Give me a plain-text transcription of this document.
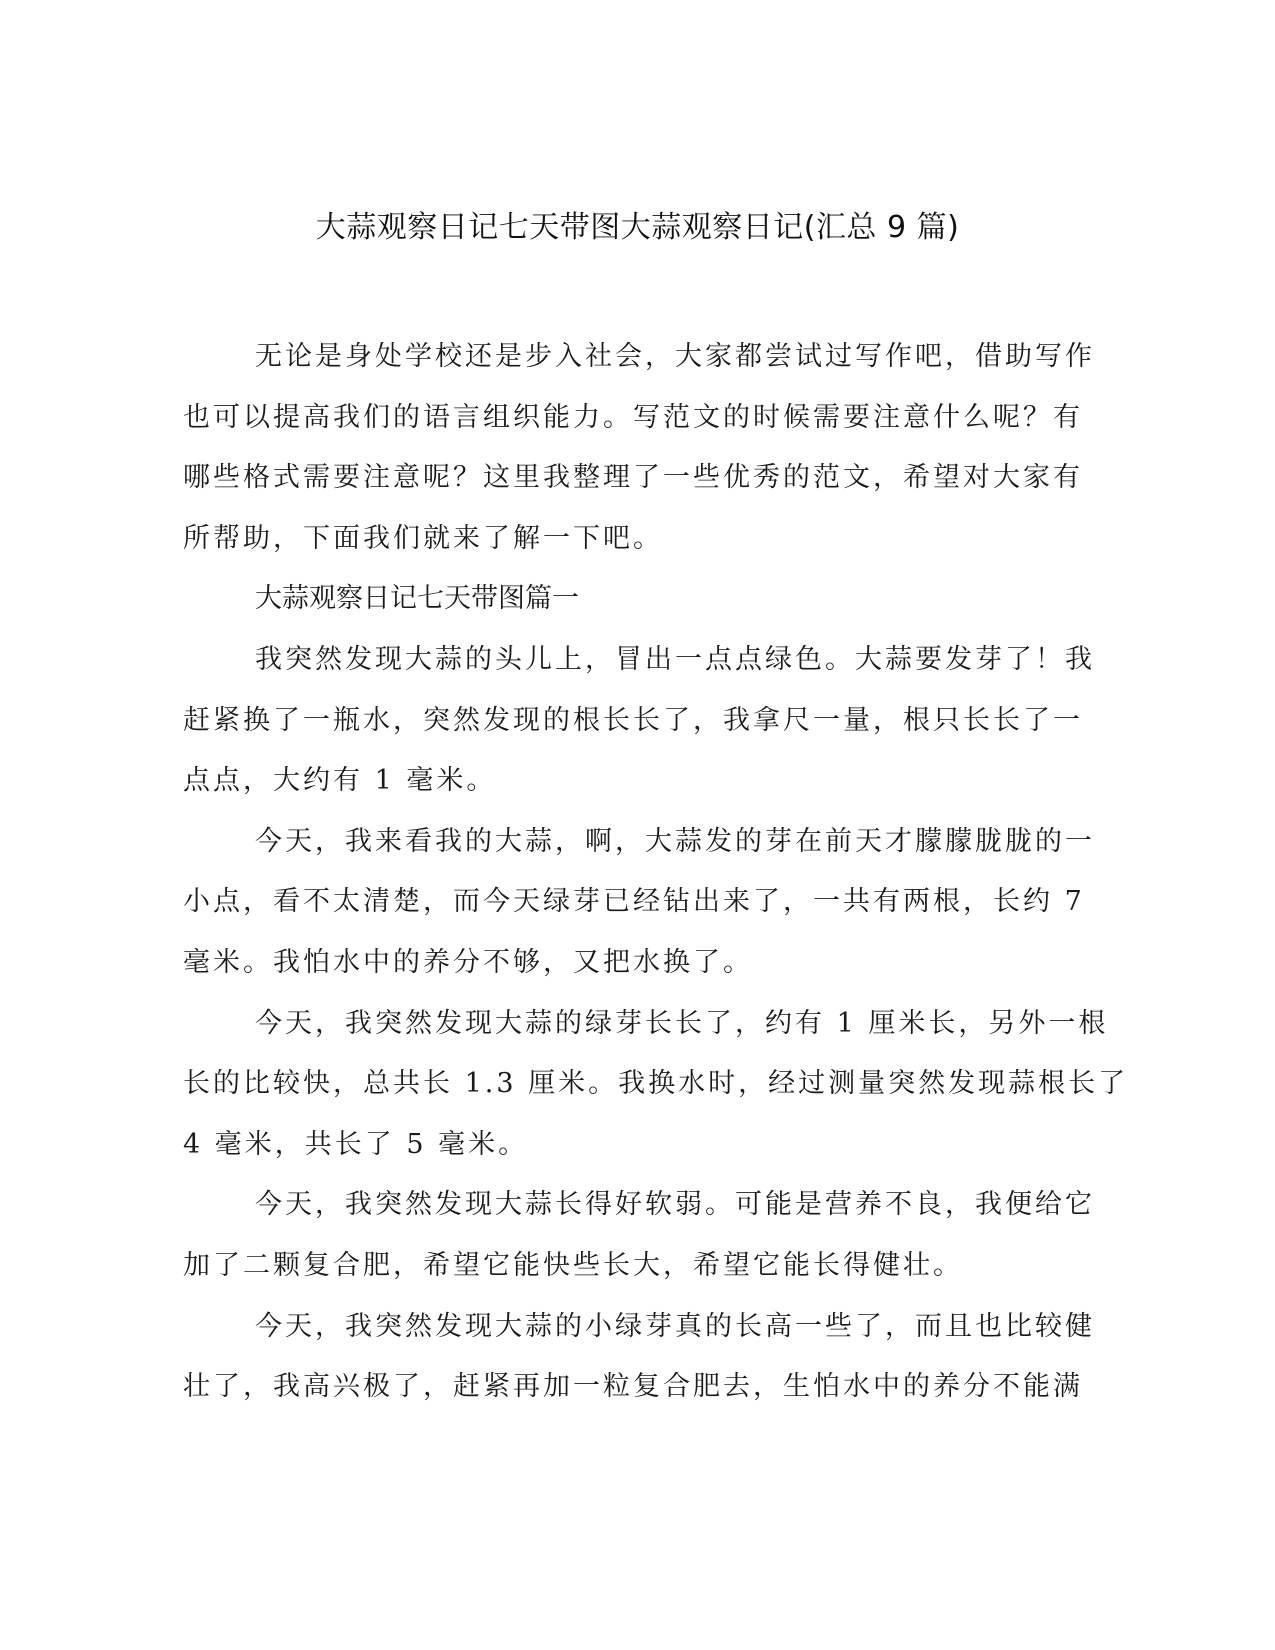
大蒜观察日记七天带图大蒜观察日记(汇总 9 篇)
无论是身处学校还是步入社会，大家都尝试过写作吧，借助写作
也可以提高我们的语言组织能力。写范文的时候需要注意什么呢？有
哪些格式需要注意呢？这里我整理了一些优秀的范文，希望对大家有
所帮助，下面我们就来了解一下吧。
大蒜观察日记七天带图篇一
我突然发现大蒜的头儿上，冒出一点点绿色。大蒜要发芽了！我
赶紧换了一瓶水，突然发现的根长长了，我拿尺一量，根只长长了一
点点，大约有 1 毫米。
今天，我来看我的大蒜，啊，大蒜发的芽在前天才朦朦胧胧的一
小点，看不太清楚，而今天绿芽已经钻出来了，一共有两根，长约 7
毫米。我怕水中的养分不够，又把水换了。
今天，我突然发现大蒜的绿芽长长了，约有 1 厘米长，另外一根
长的比较快，总共长 1.3 厘米。我换水时，经过测量突然发现蒜根长了
4 毫米，共长了 5 毫米。
今天，我突然发现大蒜长得好软弱。可能是营养不良，我便给它
加了二颗复合肥，希望它能快些长大，希望它能长得健壮。
今天，我突然发现大蒜的小绿芽真的长高一些了，而且也比较健
壮了，我高兴极了，赶紧再加一粒复合肥去，生怕水中的养分不能满
